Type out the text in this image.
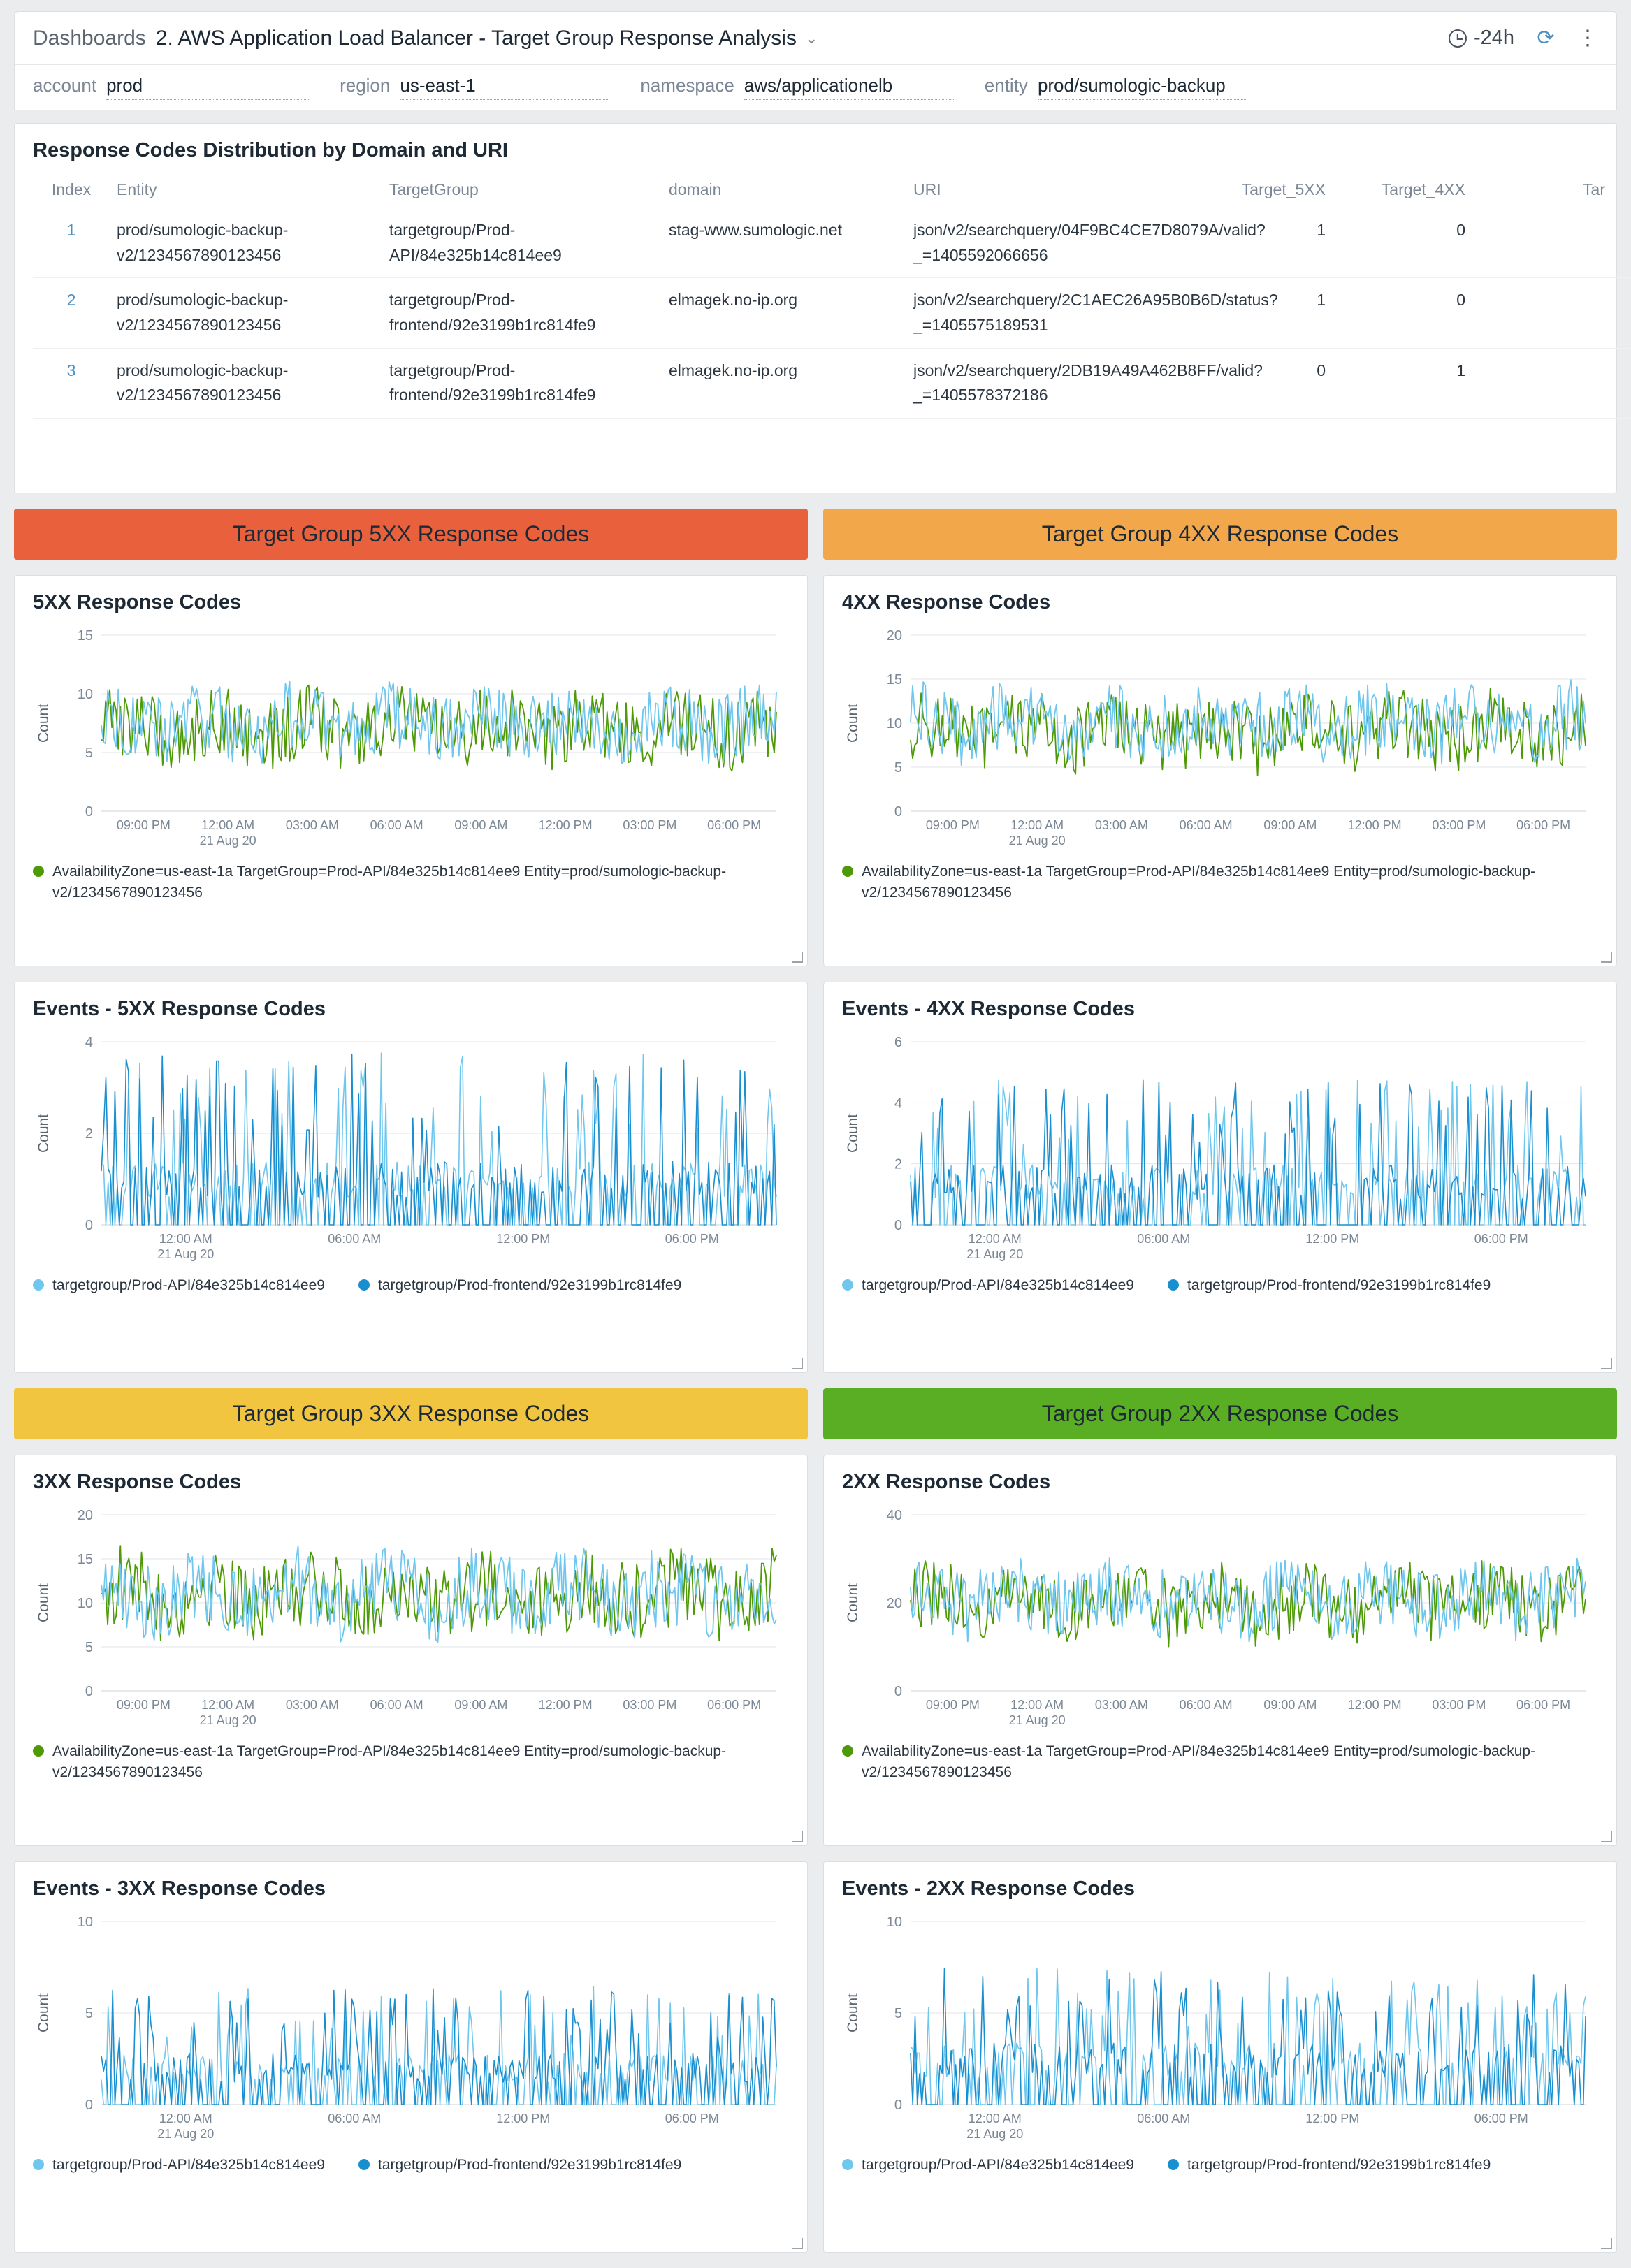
Dashboards 2. AWS Application Load Balancer - Target Group Response Analysis ⌄	-24h ⟳ ⋮
account prod	region us-east-1	namespace aws/applicationelb	entity prod/sumologic-backup
Response Codes Distribution by Domain and URI
Index	Entity	TargetGroup	domain	URI	Target_5XX	Target_4XX	Tar
1	prod/sumologic-backup-v2/1234567890123456	targetgroup/Prod-API/84e325b14c814ee9	stag-www.sumologic.net	json/v2/searchquery/04F9BC4CE7D8079A/valid?_=1405592066656	1	0	
2	prod/sumologic-backup-v2/1234567890123456	targetgroup/Prod-frontend/92e3199b1rc814fe9	elmagek.no-ip.org	json/v2/searchquery/2C1AEC26A95B0B6D/status?_=1405575189531	1	0	
3	prod/sumologic-backup-v2/1234567890123456	targetgroup/Prod-frontend/92e3199b1rc814fe9	elmagek.no-ip.org	json/v2/searchquery/2DB19A49A462B8FF/valid?_=1405578372186	0	1	
Target Group 5XX Response Codes	Target Group 4XX Response Codes
5XX Response Codes
Count
0
5
10
15
09:00 PM 12:00 AM
21 Aug 20
03:00 AM 06:00 AM 09:00 AM 12:00 PM 03:00 PM 06:00 PM
AvailabilityZone=us-east-1a TargetGroup=Prod-API/84e325b14c814ee9 Entity=prod/sumologic-backup-v2/1234567890123456
4XX Response Codes
Count
0
5
10
15
20
09:00 PM 12:00 AM
21 Aug 20
03:00 AM 06:00 AM 09:00 AM 12:00 PM 03:00 PM 06:00 PM
AvailabilityZone=us-east-1a TargetGroup=Prod-API/84e325b14c814ee9 Entity=prod/sumologic-backup-v2/1234567890123456
Events - 5XX Response Codes
Count
0
2
4
12:00 AM
21 Aug 20
06:00 AM	12:00 PM	06:00 PM
targetgroup/Prod-API/84e325b14c814ee9	targetgroup/Prod-frontend/92e3199b1rc814fe9
Events - 4XX Response Codes
Count
0
2
4
6
12:00 AM
21 Aug 20
06:00 AM	12:00 PM	06:00 PM
targetgroup/Prod-API/84e325b14c814ee9	targetgroup/Prod-frontend/92e3199b1rc814fe9
Target Group 3XX Response Codes	Target Group 2XX Response Codes
3XX Response Codes
Count
0
5
10
15
20
09:00 PM 12:00 AM
21 Aug 20
03:00 AM 06:00 AM 09:00 AM 12:00 PM 03:00 PM 06:00 PM
AvailabilityZone=us-east-1a TargetGroup=Prod-API/84e325b14c814ee9 Entity=prod/sumologic-backup-v2/1234567890123456
2XX Response Codes
Count
0
20
40
09:00 PM 12:00 AM
21 Aug 20
03:00 AM 06:00 AM 09:00 AM 12:00 PM 03:00 PM 06:00 PM
AvailabilityZone=us-east-1a TargetGroup=Prod-API/84e325b14c814ee9 Entity=prod/sumologic-backup-v2/1234567890123456
Events - 3XX Response Codes
Count
0
5
10
12:00 AM
21 Aug 20
06:00 AM	12:00 PM	06:00 PM
targetgroup/Prod-API/84e325b14c814ee9	targetgroup/Prod-frontend/92e3199b1rc814fe9
Events - 2XX Response Codes
Count
0
5
10
12:00 AM
21 Aug 20
06:00 AM	12:00 PM	06:00 PM
targetgroup/Prod-API/84e325b14c814ee9	targetgroup/Prod-frontend/92e3199b1rc814fe9
